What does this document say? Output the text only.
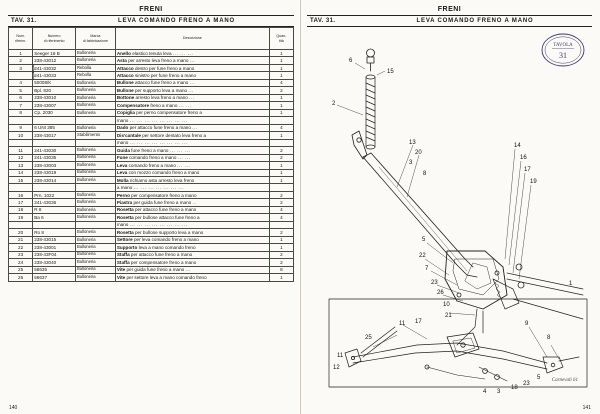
FRENI
TAV. 31.	LEVA COMANDO FRENO A MANO
Num.
riferim.	Numero
di riferimento	Marca
di fabbricazione	Descrizione	Quan-
tità
1	Seeger 18 B	Bulloneria	Anello elastico tenuta leva ... ... ...	1
2	238-43012	Bulloneria	Asta per arresto leva freno a mano ...	1
3	} 241-43032	Rebolla	Attacco destro per fune freno a mano	1
	} 241-43033	Rebolla	Attacco sinistro per fune freno a mano	1
4	50008/K	Bulloneria	Bullone attacco fune freno a mano ...	4
5	Bpl. 820	Bulloneria	Bullone per supporto leva a mano ...	2
6	238-43010	Bulloneria	Bottone arresto leva freno a mano ...	1
7	238-43007	Bulloneria	Compensatore freno a mano ... ...	1
8	Cp. 2030	Bulloneria	Copiglia per perno compensatore freno a	1
			mano ... ... ... ... ... ... ... ...	
9	6 UNI 385	Bulloneria	Dado per attacco fune freno a mano ...	4
10	238-43017	Stabilimento	Dis'cantale per settore dentato leva freno a	1
			mano ... ... ... ... ... ... ... ...	
11	241-43030	Bulloneria	Guida fune freno a mano ... ... ...	2
12	241-43035	Bulloneria	Fune comando freno a mano ... ...	2
13	238-43003	Bulloneria	Leva comando freno a mano ... ...	1
14	238-43019	Bulloneria	Leva con mozzo comando freno a mano	1
15	238-43014	Bulloneria	Molla richiamo asta arresto leva freno	1
			a mano ... ... ... ... ... ... ...	
16	Prn. 1022	Bulloneria	Perno per compensatore freno a mano	2
17	241-43036	Bulloneria	Piastra per guida fune freno a mano ..	2
18	R 8	Bulloneria	Rosetta per attacco fune freno a mano	4
19	Ba 6	Bulloneria	Rosetta per bullone attacco fune freno a	4
			mano ... ... ... ... ... ... ... ...	
20	Ro 8	Bulloneria	Rosetta per bullone supporto leva a mano	2
21	238-43015	Bulloneria	Settore per leva comando freno a mano	1
22	238-43001	Bulloneria	Supporto leva a mano comando freno	1
23	238-43F04	Bulloneria	Staffa per attacco fune freno a mano	2
24	238-43040	Bulloneria	Staffa per compensatore freno a mano	2
25	58635	Bulloneria	Vite per guida fune freno a mano ...	8
26	58637	Bulloneria	Vite per settore leva a mano comando freno	1
140
FRENI
TAV. 31.	LEVA COMANDO FRENO A MANO
TAVOLA
31
6
15
2
13
20
3
8
14
16
17
19
5
22
7
23
26
10
21
1
25
11
11
12
17	9
8
5
23
4 3
18
Carnevali 61
141
